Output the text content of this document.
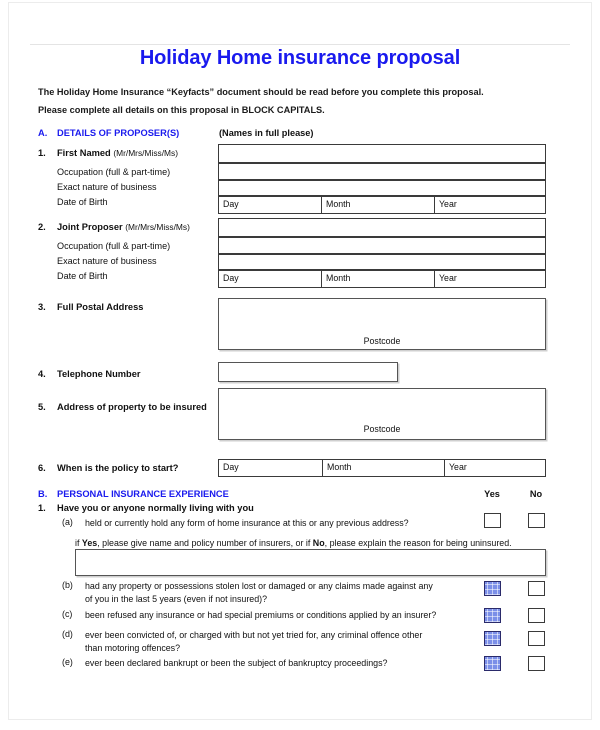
Holiday Home insurance proposal
The Holiday Home Insurance “Keyfacts” document should be read before you complete this proposal.
Please complete all details on this proposal in BLOCK CAPITALS.
A. DETAILS OF PROPOSER(S)	(Names in full please)
1. First Named (Mr/Mrs/Miss/Ms)
Occupation (full & part-time)
Exact nature of business
Date of Birth	Day	Month	Year
2. Joint Proposer (Mr/Mrs/Miss/Ms)
Occupation (full & part-time)
Exact nature of business
Date of Birth	Day	Month	Year
3. Full Postal Address
Postcode
4. Telephone Number
5. Address of property to be insured
Postcode
6. When is the policy to start?	Day	Month	Year
B. PERSONAL INSURANCE EXPERIENCE	Yes	No
1. Have you or anyone normally living with you
(a) held or currently hold any form of home insurance at this or any previous address?
if Yes, please give name and policy number of insurers, or if No, please explain the reason for being uninsured.
(b) had any property or possessions stolen lost or damaged or any claims made against any of you in the last 5 years (even if not insured)?
(c) been refused any insurance or had special premiums or conditions applied by an insurer?
(d) ever been convicted of, or charged with but not yet tried for, any criminal offence other than motoring offences?
(e) ever been declared bankrupt or been the subject of bankruptcy proceedings?
